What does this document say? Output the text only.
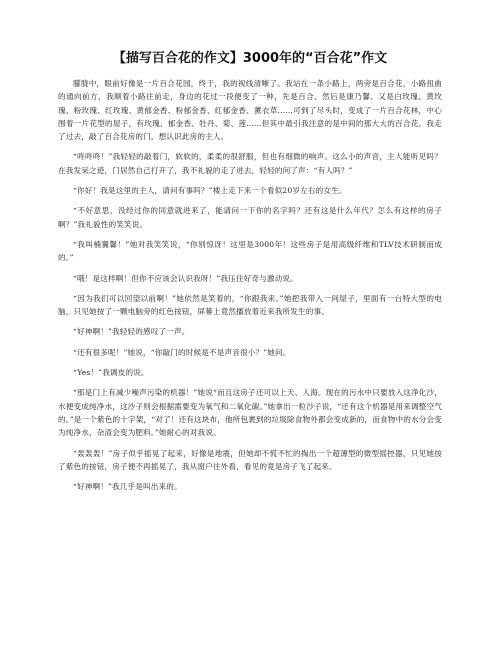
【描写百合花的作文】3000年的“百合花”作文

朦胧中，眼前好像是一片百合花园，终于，我的视线清晰了。我站在一条小路上，两旁是百合花，小路扭曲的通向前方，我顺着小路往前走，身边的花过一段便变了一种，先是百合、然后是康乃馨、又是白玫瑰、黄玫瑰、粉玫瑰、红玫瑰、黄郁金香、粉郁金香、红郁金香、薰衣草……可到了尽头时，变成了一片百合花林，中心围着一片花型的屋子，有玫瑰、郁金香、牡丹、菊、莲……但其中最引我注意的是中间的那大大的百合花。我走了过去，敲了百合花房的门，想认识此房的主人。

“咚咚咚！”我轻轻的敲着门，软软的，柔柔的很舒服，但也有细微的响声。这么小的声音，主人能听见吗？在我发呆之迹，门居然自己打开了，我不礼貌的走了进去，轻轻的问了声：“有人吗？”

“你好！我是这里的主人，请问有事吗？”楼上走下来一个看似20岁左右的女生。

“不好意思，没经过你的同意就进来了，能请问一下你的名字吗？还有这是什么年代？怎么有这样的房子啊？”我礼貌性的笑笑说。

“我叫楠翼馨！”她对我笑笑说，“你别惊讶！这里是3000年！这些房子是用高级纤维和TLV技术研制而成的。”

“哦！是这样啊！但你不应该会认识我呀！”我压住好奇与激动说。

“因为我们可以回望以前啊！”她依然是笑着的，“你跟我来。”她把我带入一间屋子，里面有一台特大型的电脑，只见她按了一颗电脑旁的红色按钮，屏幕上竟然播放着近来我所发生的事。

“好神啊！”我轻轻的感叹了一声。

“还有很多呢！”她说，“你敲门的时候是不是声音很小？”她问。

“Yes！”我调皮的说。

“那是门上有减少噪声污染的机器！”她说“而且这房子还可以上天、入海。现在的污水中只要放入这净化沙，水便变成纯净水，这沙子则会根据需要变为氧气和二氧化碳。”她拿出一粒沙子说，“还有这个机器是用来调整空气的。”是一个紫色的十字架，“对了！还有这块布，他所包裹到的垃圾除食物外都会变成新的，而食物中的水分会变为纯净水，杂渣会变为肥料。”她耐心的对我说。

“轰轰轰！”房子似乎摇晃了起来，好像是地震，但她却不慌不忙的掏出一个超薄型的微型摇控器，只见她按了紫色的按钮，房子便不再摇晃了，我从窗户往外看，看见的竟是房子飞了起来。

“好神啊！”我几乎是叫出来的。
